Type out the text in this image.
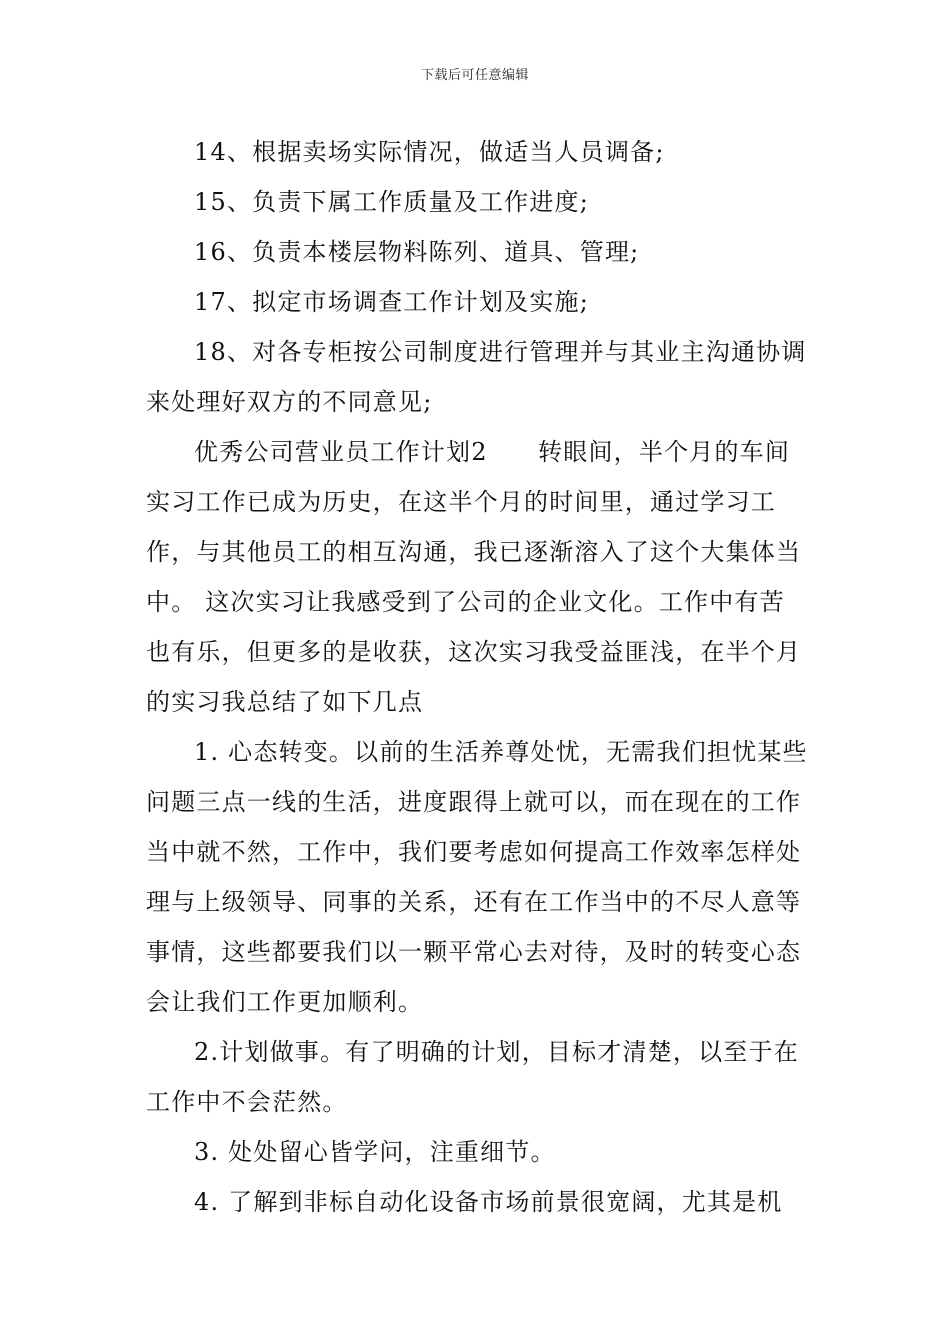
下载后可任意编辑

14、根据卖场实际情况，做适当人员调备;

15、负责下属工作质量及工作进度;

16、负责本楼层物料陈列、道具、管理;

17、拟定市场调查工作计划及实施;

18、对各专柜按公司制度进行管理并与其业主沟通协调来处理好双方的不同意见;

优秀公司营业员工作计划2　　转眼间，半个月的车间实习工作已成为历史，在这半个月的时间里，通过学习工作，与其他员工的相互沟通，我已逐渐溶入了这个大集体当中。 这次实习让我感受到了公司的企业文化。工作中有苦也有乐，但更多的是收获，这次实习我受益匪浅，在半个月的实习我总结了如下几点

1. 心态转变。以前的生活养尊处忧，无需我们担忧某些问题三点一线的生活，进度跟得上就可以，而在现在的工作当中就不然，工作中，我们要考虑如何提高工作效率怎样处理与上级领导、同事的关系，还有在工作当中的不尽人意等事情，这些都要我们以一颗平常心去对待，及时的转变心态会让我们工作更加顺利。

2.计划做事。有了明确的计划，目标才清楚，以至于在工作中不会茫然。

3. 处处留心皆学问，注重细节。

4. 了解到非标自动化设备市场前景很宽阔，尤其是机
